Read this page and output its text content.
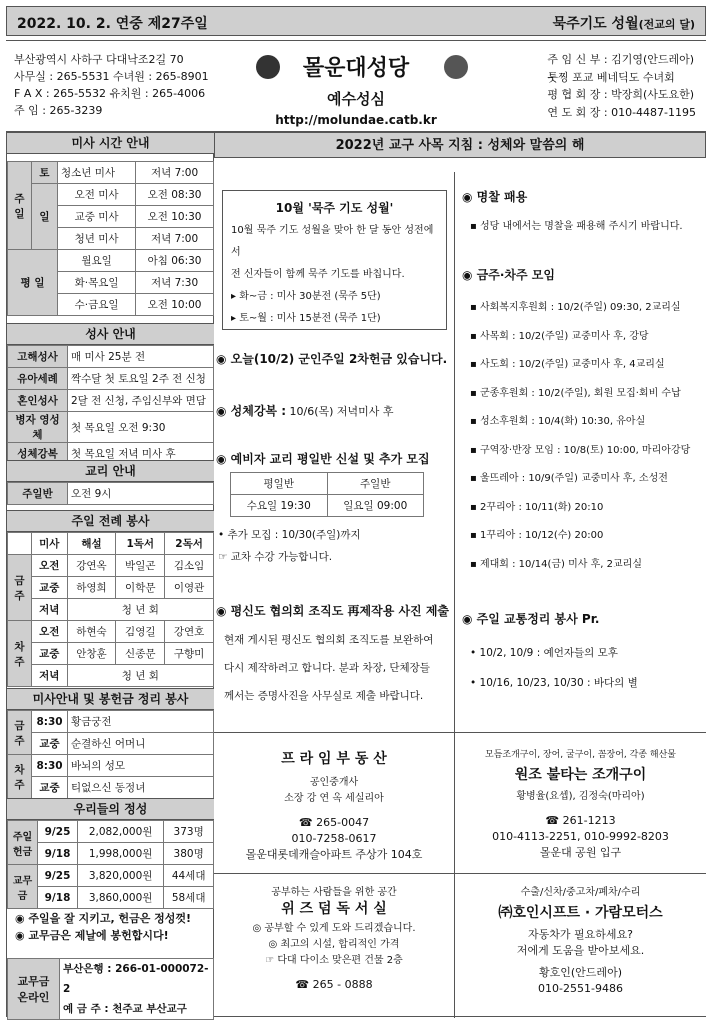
2022. 10. 2. 연중 제27주일	묵주기도 성월(전교의 달)
부산광역시 사하구 다대낙조2길 70
사무실 : 265-5531 수녀원 : 265-8901
F A X : 265-5532 유치원 : 265-4006
주 임 : 265-3239
몰운대성당
예수성심
http://molundae.catb.kr
주 임 신 부 : 김기영(안드레아)
툿찡 포교 베네딕도 수녀회
평 협 회 장 : 박장희(사도요한)
연 도 회 장 : 010-4487-1195
미사 시간 안내
주 일	토	청소년 미사	저녁 7:00
	일	오전 미사	오전 08:30
		교중 미사	오전 10:30
		청년 미사	저녁 7:00
평 일		월요일	아침 06:30
		화·목요일	저녁 7:30
		수·금요일	오전 10:00
성사 안내
고해성사	매 미사 25분 전
유아세례	짝수달 첫 토요일 2주 전 신청
혼인성사	2달 전 신청, 주임신부와 면담
병자 영성체	첫 목요일 오전 9:30
성체강복	첫 목요일 저녁 미사 후
교리 안내
주일반	오전 9시
주일 전례 봉사
	미사	해설	1독서	2독서
금주	오전	강연옥	박일곤	김소임
	교중	하영희	이학문	이영관
	저녁	청 년 회		
차주	오전	하현숙	김영길	강연호
	교중	안창훈	신종문	구향미
	저녁	청 년 회		
미사안내 및 봉헌금 정리 봉사
금주	8:30	황금궁전
	교중	순결하신 어머니
차주	8:30	바뇌의 성모
	교중	티없으신 동정녀
우리들의 정성
주일헌금	9/25	2,082,000원	373명
	9/18	1,998,000원	380명
교무금	9/25	3,820,000원	44세대
	9/18	3,860,000원	58세대
◉ 주일을 잘 지키고, 헌금은 정성껏!
◉ 교무금은 제날에 봉헌합시다!
교무금 온라인	
부산은행 : 266-01-000072-2
예 금 주 : 천주교 부산교구
2022년 교구 사목 지침 : 성체와 말씀의 해
10월 '묵주 기도 성월'
10월 묵주 기도 성월을 맞아 한 달 동안 성전에서
전 신자들이 함께 묵주 기도를 바칩니다.
▸ 화~금 : 미사 30분전 (묵주 5단)
▸ 토~월 : 미사 15분전 (묵주 1단)
◉ 오늘(10/2) 군인주일 2차헌금 있습니다.
◉ 성체강복 : 10/6(목) 저녁미사 후
◉ 예비자 교리 평일반 신설 및 추가 모집
평일반	주일반
수요일 19:30	일요일 09:00
• 추가 모집 : 10/30(주일)까지
☞ 교차 수강 가능합니다.
◉ 평신도 협의회 조직도 再제작용 사진 제출
현재 게시된 평신도 협의회 조직도를 보완하여
다시 제작하려고 합니다. 분과 차장, 단체장들
께서는 증명사진을 사무실로 제출 바랍니다.
◉ 명찰 패용
▪ 성당 내에서는 명찰을 패용해 주시기 바랍니다.
◉ 금주·차주 모임
▪ 사회복지후원회 : 10/2(주일) 09:30, 2교리실
▪ 사목회 : 10/2(주일) 교중미사 후, 강당
▪ 사도회 : 10/2(주일) 교중미사 후, 4교리실
▪ 군종후원회 : 10/2(주일), 회원 모집·회비 수납
▪ 성소후원회 : 10/4(화) 10:30, 유아실
▪ 구역장·반장 모임 : 10/8(토) 10:00, 마리아강당
▪ 울뜨레아 : 10/9(주일) 교중미사 후, 소성전
▪ 2꾸리아 : 10/11(화) 20:10
▪ 1꾸리아 : 10/12(수) 20:00
▪ 제대회 : 10/14(금) 미사 후, 2교리실
◉ 주일 교통정리 봉사 Pr.
• 10/2, 10/9 : 예언자들의 모후
• 10/16, 10/23, 10/30 : 바다의 별
프 라 임 부 동 산
공인중개사
소장 강 연 옥 세실리아
☎ 265-0047
010-7258-0617
몰운대롯데캐슬아파트 주상가 104호
모듬조개구이, 장어, 굴구이, 꼼장어, 각종 해산물
원조 불타는 조개구이
황병율(요셉), 김정숙(마리아)
☎ 261-1213
010-4113-2251, 010-9992-8203
몰운대 공원 입구
공부하는 사람들을 위한 공간
위 즈 덤 독 서 실
◎ 공부할 수 있게 도와 드리겠습니다.
◎ 최고의 시설, 합리적인 가격
☞ 다대 다이소 맞은편 건물 2층
☎ 265 - 0888
수출/신차/중고차/폐차/수리
㈜호인시프트 · 가람모터스
자동차가 필요하세요?
저에게 도움을 받아보세요.
황호인(안드레아)
010-2551-9486
